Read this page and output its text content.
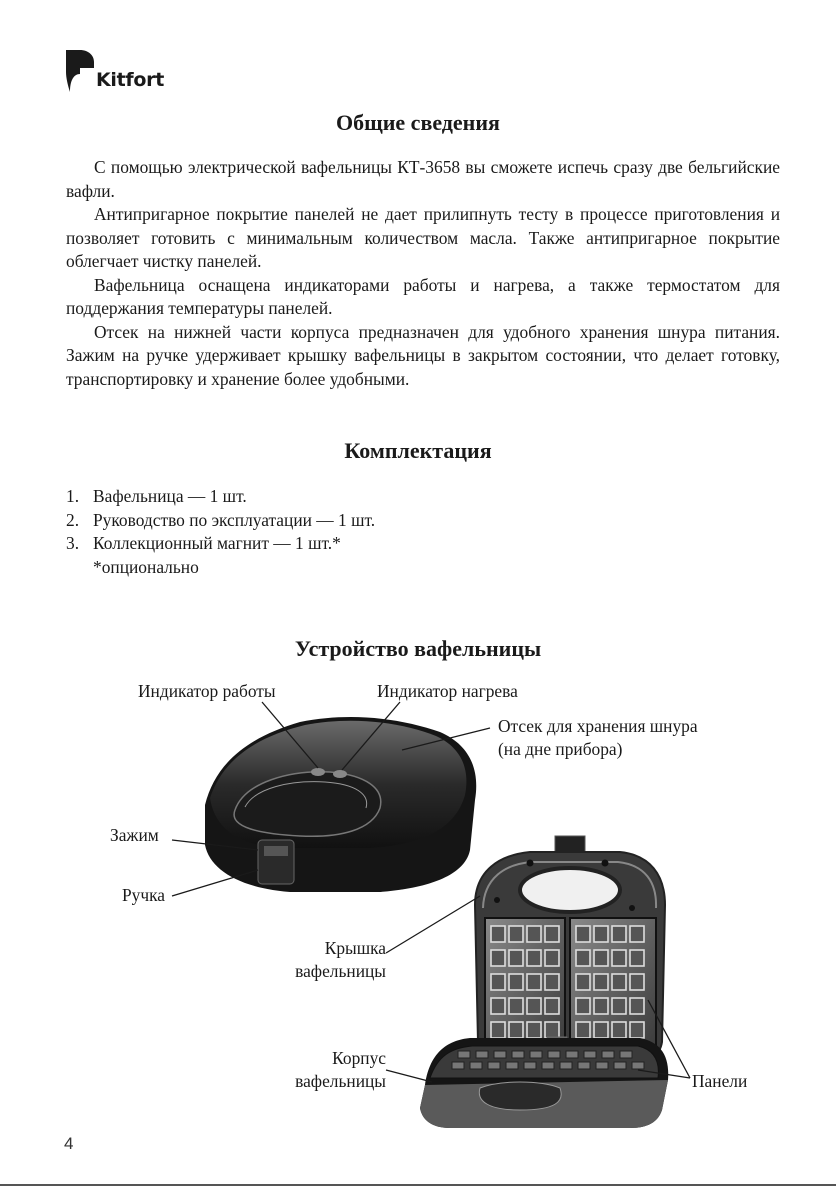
Kitfort
Общие сведения

С помощью электрической вафельницы КТ-3658 вы сможете испечь сразу две бельгийские вафли.

Антипригарное покрытие панелей не дает прилипнуть тесту в процессе приготовления и позволяет готовить с минимальным количеством масла. Также антипригарное покрытие облегчает чистку панелей.

Вафельница оснащена индикаторами работы и нагрева, а также термостатом для поддержания температуры панелей.

Отсек на нижней части корпуса предназначен для удобного хранения шнура питания. Зажим на ручке удерживает крышку вафельницы в закрытом состоянии, что делает готовку, транспортировку и хранение более удобными.

Комплектация
1. Вафельница — 1 шт.
2. Руководство по эксплуатации — 1 шт.
3. Коллекционный магнит — 1 шт.*
*опционально
Устройство вафельницы
Индикатор работы	Индикатор нагрева
Отсек для хранения шнура
(на дне прибора)
Зажим
Ручка
Крышка
вафельницы
Корпус
вафельницы	Панели
4
